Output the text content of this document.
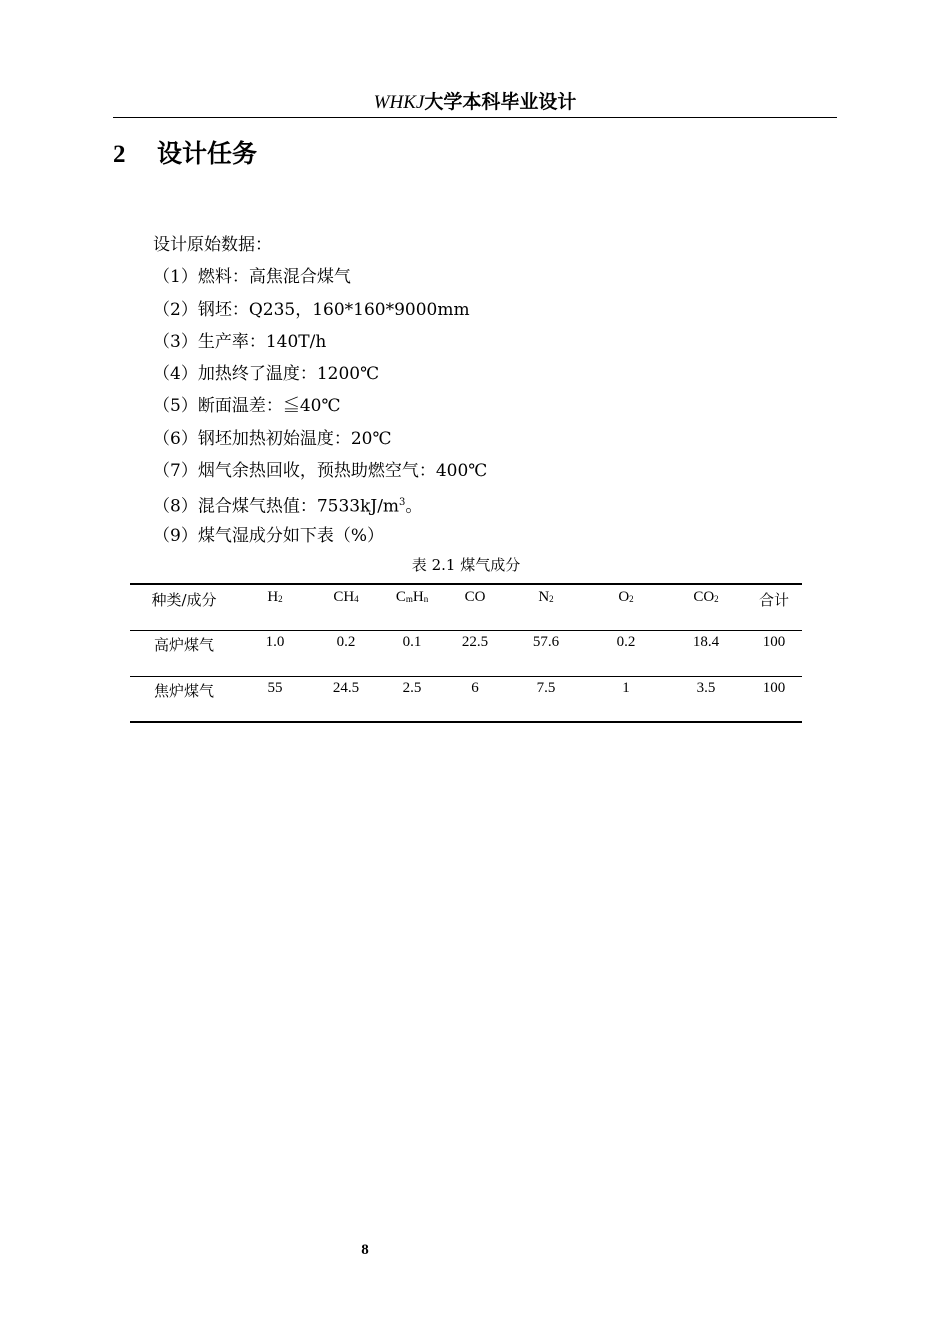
WHKJ大学本科毕业设计
2 设计任务
设计原始数据：
（1）燃料：高焦混合煤气
（2）钢坯：Q235，160*160*9000mm
（3）生产率：140T/h
（4）加热终了温度：1200℃
（5）断面温差：≦40℃
（6）钢坯加热初始温度：20℃
（7）烟气余热回收，预热助燃空气：400℃
（8）混合煤气热值：$7533kJ/m^3$。
（9）煤气湿成分如下表（%）
表 2.1 煤气成分
种类/成分	$H_2$	$CH_4$	$C_mH_n$	CO	$N_2$	$O_2$	$CO_2$	合计
高炉煤气	1.0	0.2	0.1	22.5	57.6	0.2	18.4	100
焦炉煤气	55	24.5	2.5	6	7.5	1	3.5	100
8
